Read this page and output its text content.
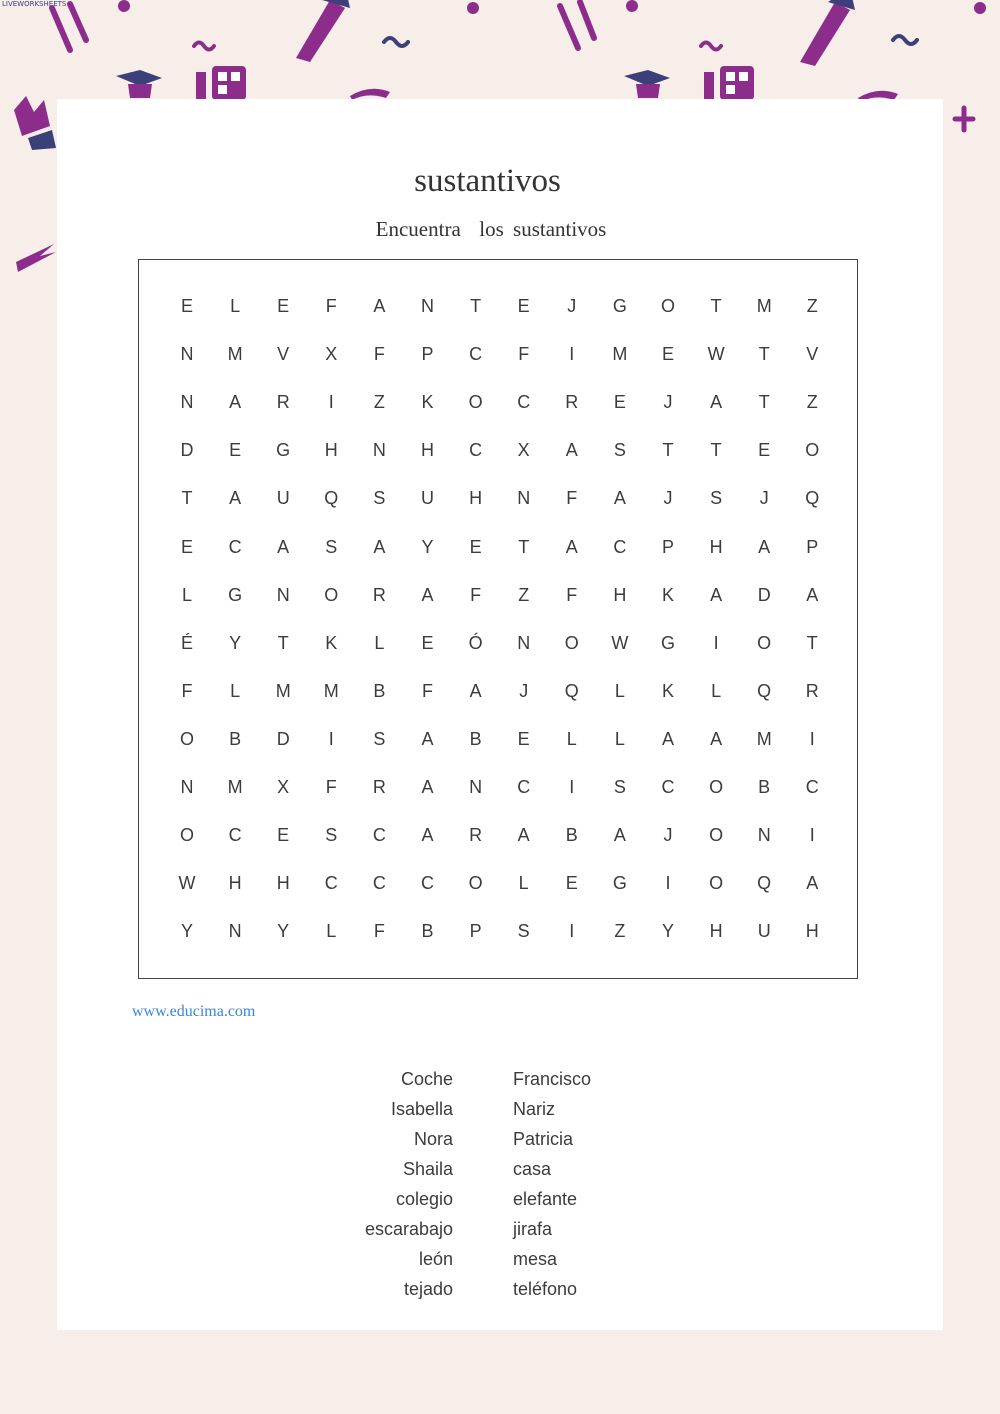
LIVEWORKSHEETS
sustantivos
Encuentra  los sustantivos
E	L	E	F	A	N	T	E	J	G	O	T	M	Z
N	M	V	X	F	P	C	F	I	M	E	W	T	V
N	A	R	I	Z	K	O	C	R	E	J	A	T	Z
D	E	G	H	N	H	C	X	A	S	T	T	E	O
T	A	U	Q	S	U	H	N	F	A	J	S	J	Q
E	C	A	S	A	Y	E	T	A	C	P	H	A	P
L	G	N	O	R	A	F	Z	F	H	K	A	D	A
É	Y	T	K	L	E	Ó	N	O	W	G	I	O	T
F	L	M	M	B	F	A	J	Q	L	K	L	Q	R
O	B	D	I	S	A	B	E	L	L	A	A	M	I
N	M	X	F	R	A	N	C	I	S	C	O	B	C
O	C	E	S	C	A	R	A	B	A	J	O	N	I
W	H	H	C	C	C	O	L	E	G	I	O	Q	A
Y	N	Y	L	F	B	P	S	I	Z	Y	H	U	H
www.educima.com
Coche
Isabella
Nora
Shaila
colegio
escarabajo
león
tejado
Francisco
Nariz
Patricia
casa
elefante
jirafa
mesa
teléfono
